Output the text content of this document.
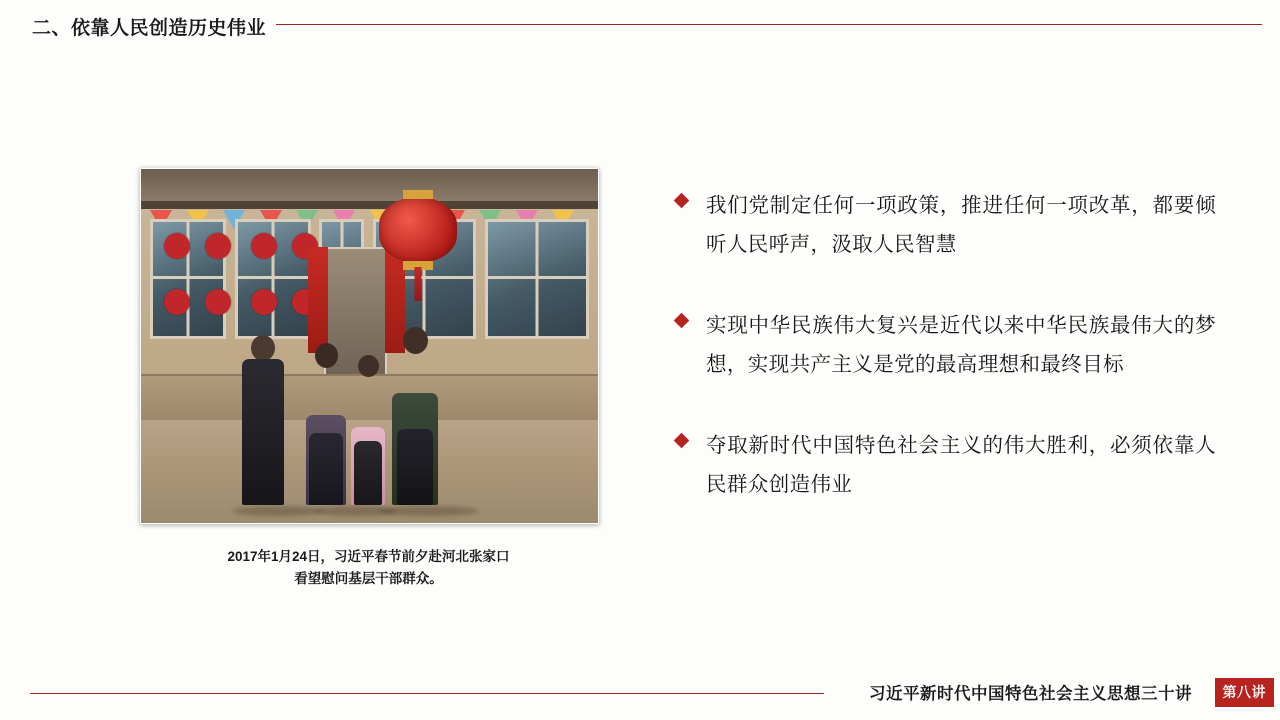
二、依靠人民创造历史伟业
2017年1月24日，习近平春节前夕赴河北张家口
看望慰问基层干部群众。
我们党制定任何一项政策，推进任何一项改革，都要倾听人民呼声，汲取人民智慧
实现中华民族伟大复兴是近代以来中华民族最伟大的梦想，实现共产主义是党的最高理想和最终目标
夺取新时代中国特色社会主义的伟大胜利，必须依靠人民群众创造伟业
习近平新时代中国特色社会主义思想三十讲	第八讲
